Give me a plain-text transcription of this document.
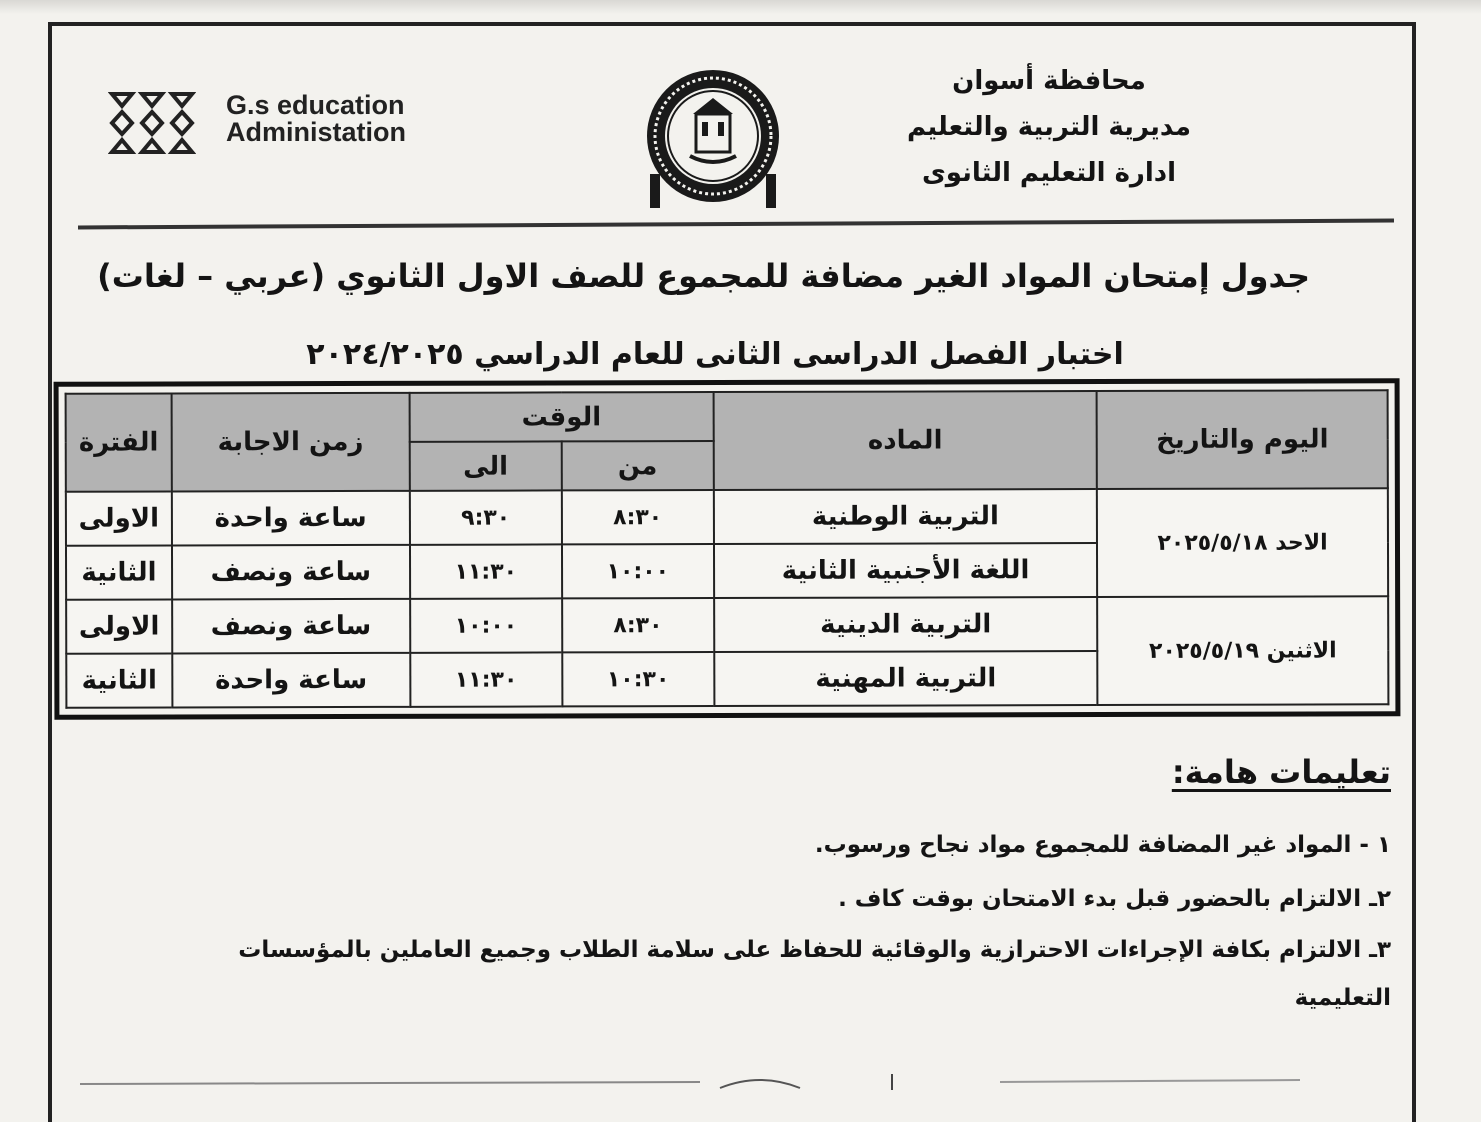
محافظة أسوان
مديرية التربية والتعليم
ادارة التعليم الثانوى
G.s education
Administation
جدول إمتحان المواد الغير مضافة للمجموع للصف الاول الثانوي (عربي – لغات)
اختبار الفصل الدراسى الثانى للعام الدراسي ٢٠٢٤/٢٠٢٥
اليوم والتاريخ	الماده	الوقت		زمن الاجابة	الفترة
		من	الى		
الاحد ٢٠٢٥/٥/١٨	التربية الوطنية	٨:٣٠	٩:٣٠	ساعة واحدة	الاولى
	اللغة الأجنبية الثانية	١٠:٠٠	١١:٣٠	ساعة ونصف	الثانية
الاثنين ٢٠٢٥/٥/١٩	التربية الدينية	٨:٣٠	١٠:٠٠	ساعة ونصف	الاولى
	التربية المهنية	١٠:٣٠	١١:٣٠	ساعة واحدة	الثانية
تعليمات هامة:
١ - المواد غير المضافة للمجموع مواد نجاح ورسوب.
٢ـ الالتزام بالحضور قبل بدء الامتحان بوقت كاف .
٣ـ الالتزام بكافة الإجراءات الاحترازية والوقائية للحفاظ على سلامة الطلاب وجميع العاملين بالمؤسسات التعليمية
